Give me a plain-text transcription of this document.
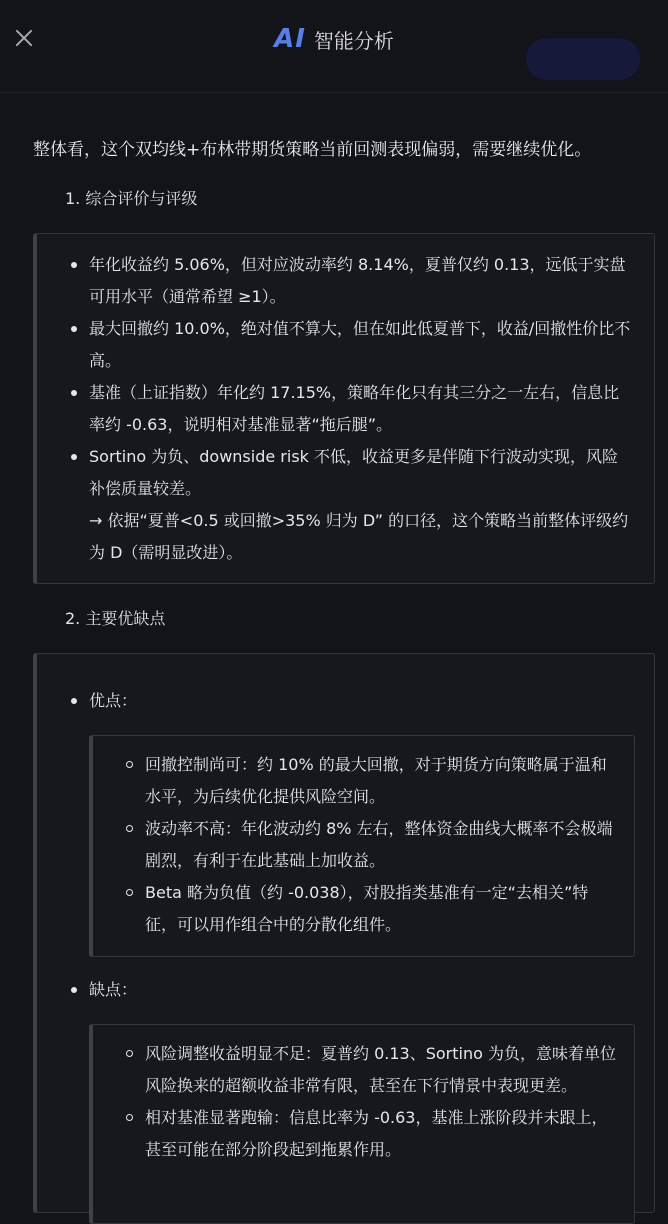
AI 智能分析

整体看，这个双均线+布林带期货策略当前回测表现偏弱，需要继续优化。

1. 综合评价与评级

年化收益约 5.06%，但对应波动率约 8.14%，夏普仅约 0.13，远低于实盘可用水平（通常希望 ≥1）。
最大回撤约 10.0%，绝对值不算大，但在如此低夏普下，收益/回撤性价比不高。
基准（上证指数）年化约 17.15%，策略年化只有其三分之一左右，信息比率约 -0.63，说明相对基准显著“拖后腿”。
Sortino 为负、downside risk 不低，收益更多是伴随下行波动实现，风险补偿质量较差。
→ 依据“夏普<0.5 或回撤>35% 归为 D” 的口径，这个策略当前整体评级约为 D（需明显改进）。

2. 主要优缺点

优点：
回撤控制尚可：约 10% 的最大回撤，对于期货方向策略属于温和水平，为后续优化提供风险空间。
波动率不高：年化波动约 8% 左右，整体资金曲线大概率不会极端剧烈，有利于在此基础上加收益。
Beta 略为负值（约 -0.038），对股指类基准有一定“去相关”特征，可以用作组合中的分散化组件。
缺点：
风险调整收益明显不足：夏普约 0.13、Sortino 为负，意味着单位风险换来的超额收益非常有限，甚至在下行情景中表现更差。
相对基准显著跑输：信息比率为 -0.63，基准上涨阶段并未跟上，甚至可能在部分阶段起到拖累作用。
